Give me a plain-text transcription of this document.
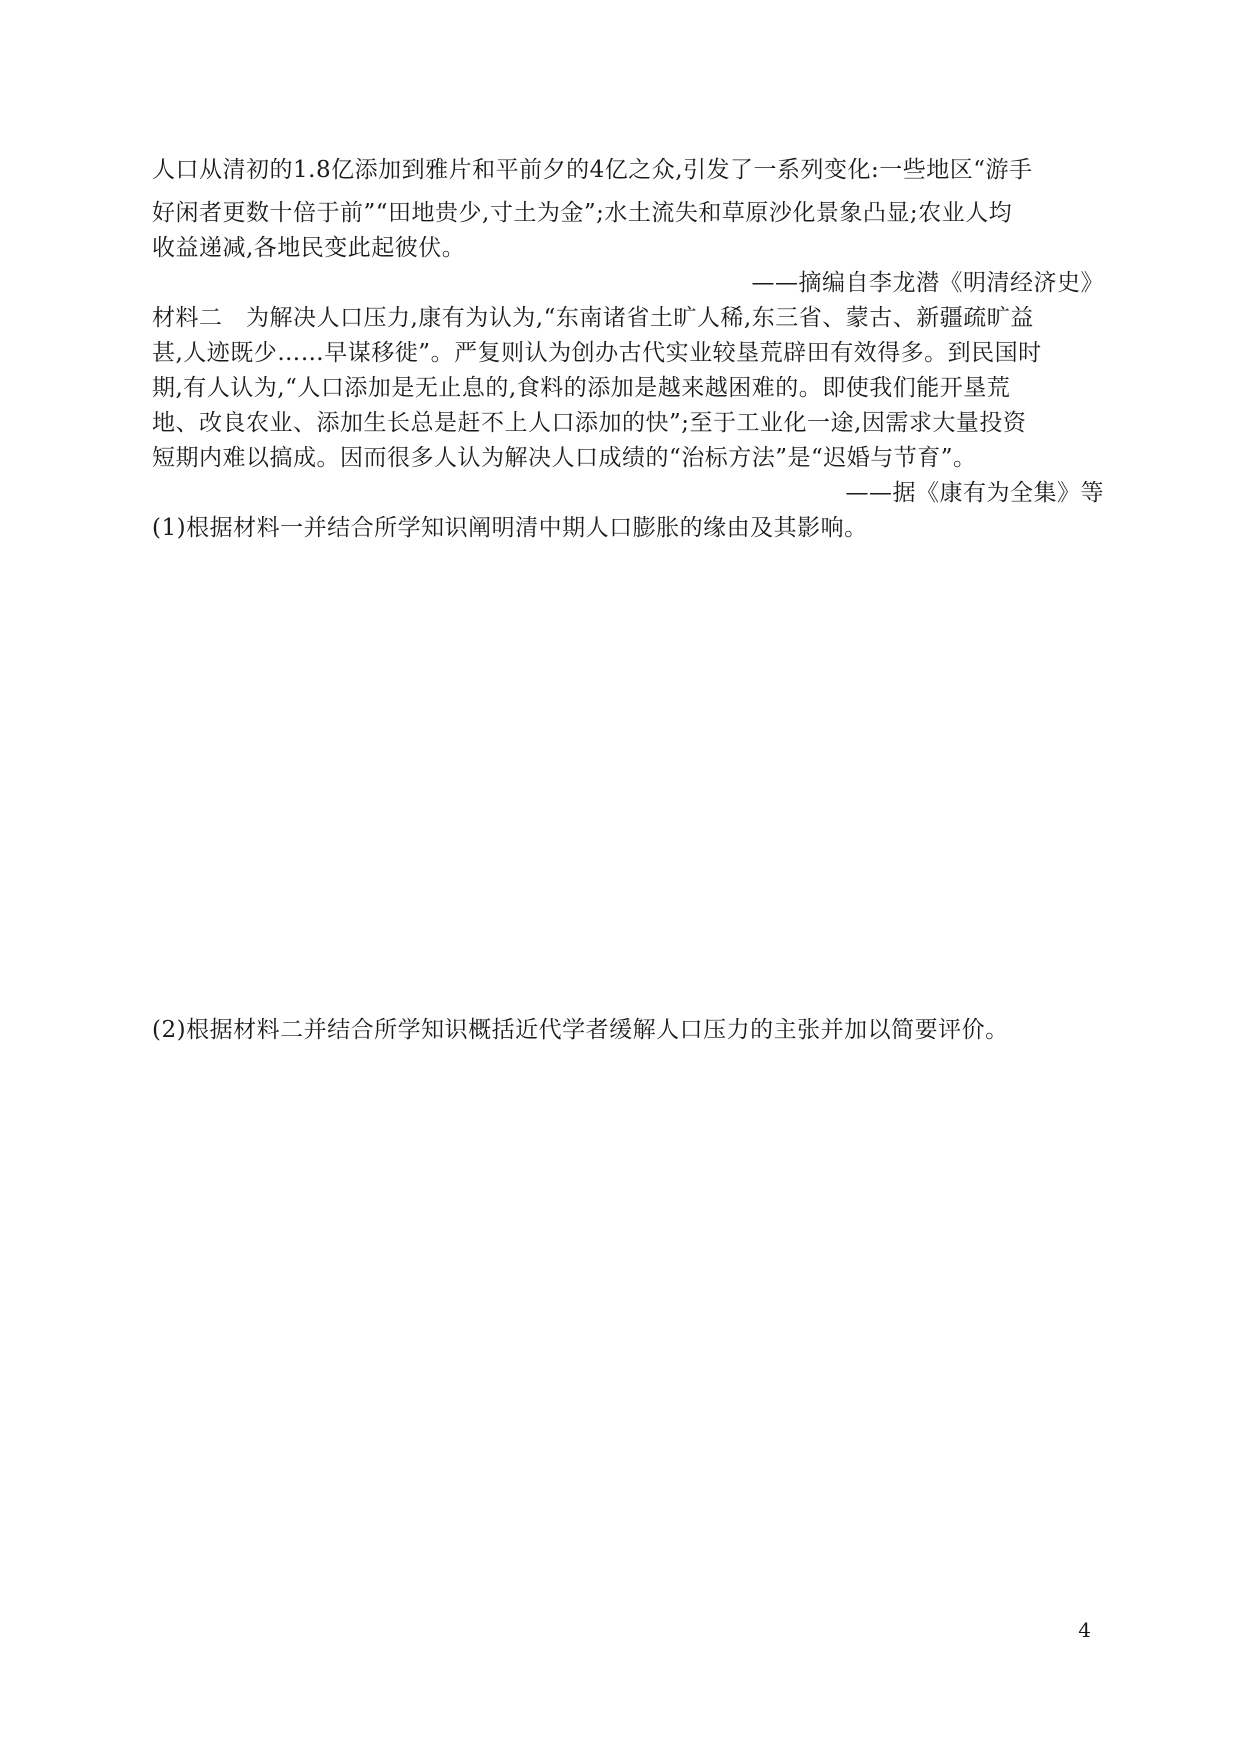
人口从清初的1.8亿添加到雅片和平前夕的4亿之众,引发了一系列变化:一些地区“游手
好闲者更数十倍于前”“田地贵少,寸土为金”;水土流失和草原沙化景象凸显;农业人均
收益递减,各地民变此起彼伏。
——摘编自李龙潜《明清经济史》
材料二　为解决人口压力,康有为认为,“东南诸省土旷人稀,东三省、蒙古、新疆疏旷益
甚,人迹既少……早谋移徙”。严复则认为创办古代实业较垦荒辟田有效得多。到民国时
期,有人认为,“人口添加是无止息的,食料的添加是越来越困难的。即使我们能开垦荒
地、改良农业、添加生长总是赶不上人口添加的快”;至于工业化一途,因需求大量投资
短期内难以搞成。因而很多人认为解决人口成绩的“治标方法”是“迟婚与节育”。
——据《康有为全集》等
(1)根据材料一并结合所学知识阐明清中期人口膨胀的缘由及其影响。
(2)根据材料二并结合所学知识概括近代学者缓解人口压力的主张并加以简要评价。
4
